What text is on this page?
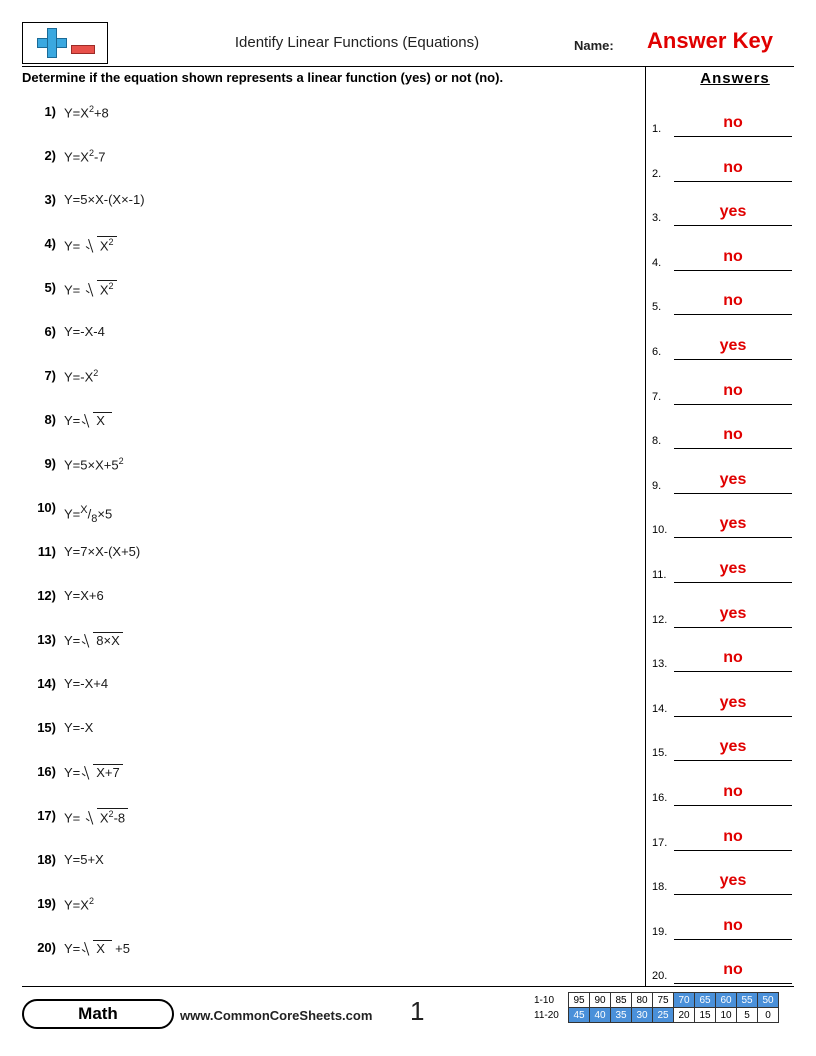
Identify Linear Functions (Equations)	Name: Answer Key
Determine if the equation shown represents a linear function (yes) or not (no).
1) $Y=X^2+8$
2) $Y=X^2-7$
3) Y=5×X-(X×-1)
4) Y=
$X^2$
5) Y=
$X^2$
6) Y=-X-4
7) $Y=-X^2$
8) Y= X
9) $Y=5\times X+5^2$
10) $Y=^X/_8\times 5$
11) Y=7×X-(X+5)
12) Y=X+6
13) Y= 8×X
14) Y=-X+4
15) Y=-X
16) Y= X+7
17) Y=
$X^2-8$
18) Y=5+X
19) $Y=X^2$
20) Y= X  +5
Answers
1.	no
2.	no
3.	yes
4.	no
5.	no
6.	yes
7.	no
8.	no
9.	yes
10.	yes
11.	yes
12.	yes
13.	no
14.	yes
15.	yes
16.	no
17.	no
18.	yes
19.	no
20.	no
Math	www.CommonCoreSheets.com 1	1-10	95	90	85	80	75	70	65	60	55	50
11-20	45	40	35	30	25	20	15	10	5	0
